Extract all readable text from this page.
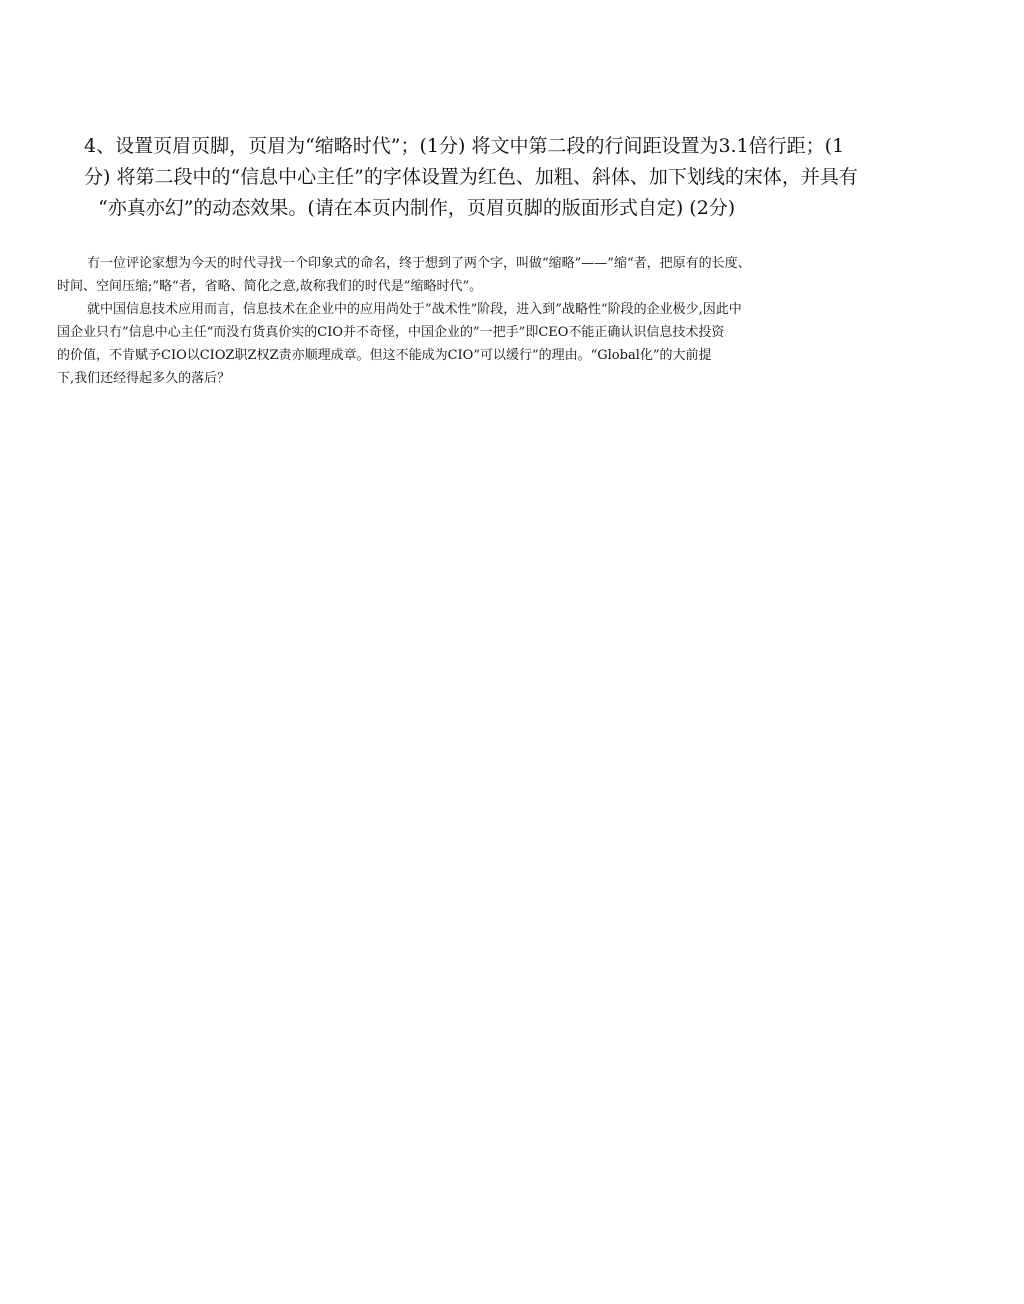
4、设置页眉页脚，页眉为“缩略时代”；(1分) 将文中第二段的行间距设置为3.1倍行距；(1
分) 将第二段中的“信息中心主任”的字体设置为红色、加粗、斜体、加下划线的宋体，并具有
“亦真亦幻”的动态效果。(请在本页内制作，页眉页脚的版面形式自定) (2分)
冇一位评论家想为今天的时代寻找一个印象式的命名，终于想到了两个字，叫做“缩略”——”缩“者，把原有的长度、
时间、空间压缩;”略“者，省略、简化之意,故称我们的时代是”缩略时代”。
就中国信息技术应用而言，信息技术在企业中的应用尚处于”战术性”阶段，进入到”战略性“阶段的企业极少,因此中
国企业只冇”信息中心主任“而没冇货真价实的CIO并不奇怪，中国企业的”一把手”即CEO不能正确认识信息技术投资
的价值，不肯赋予CIO以CIOZ职Z权Z责亦顺理成章。但这不能成为CIO”可以缓行”的理由。“Global化”的大前提
下,我们还经得起多久的落后？
